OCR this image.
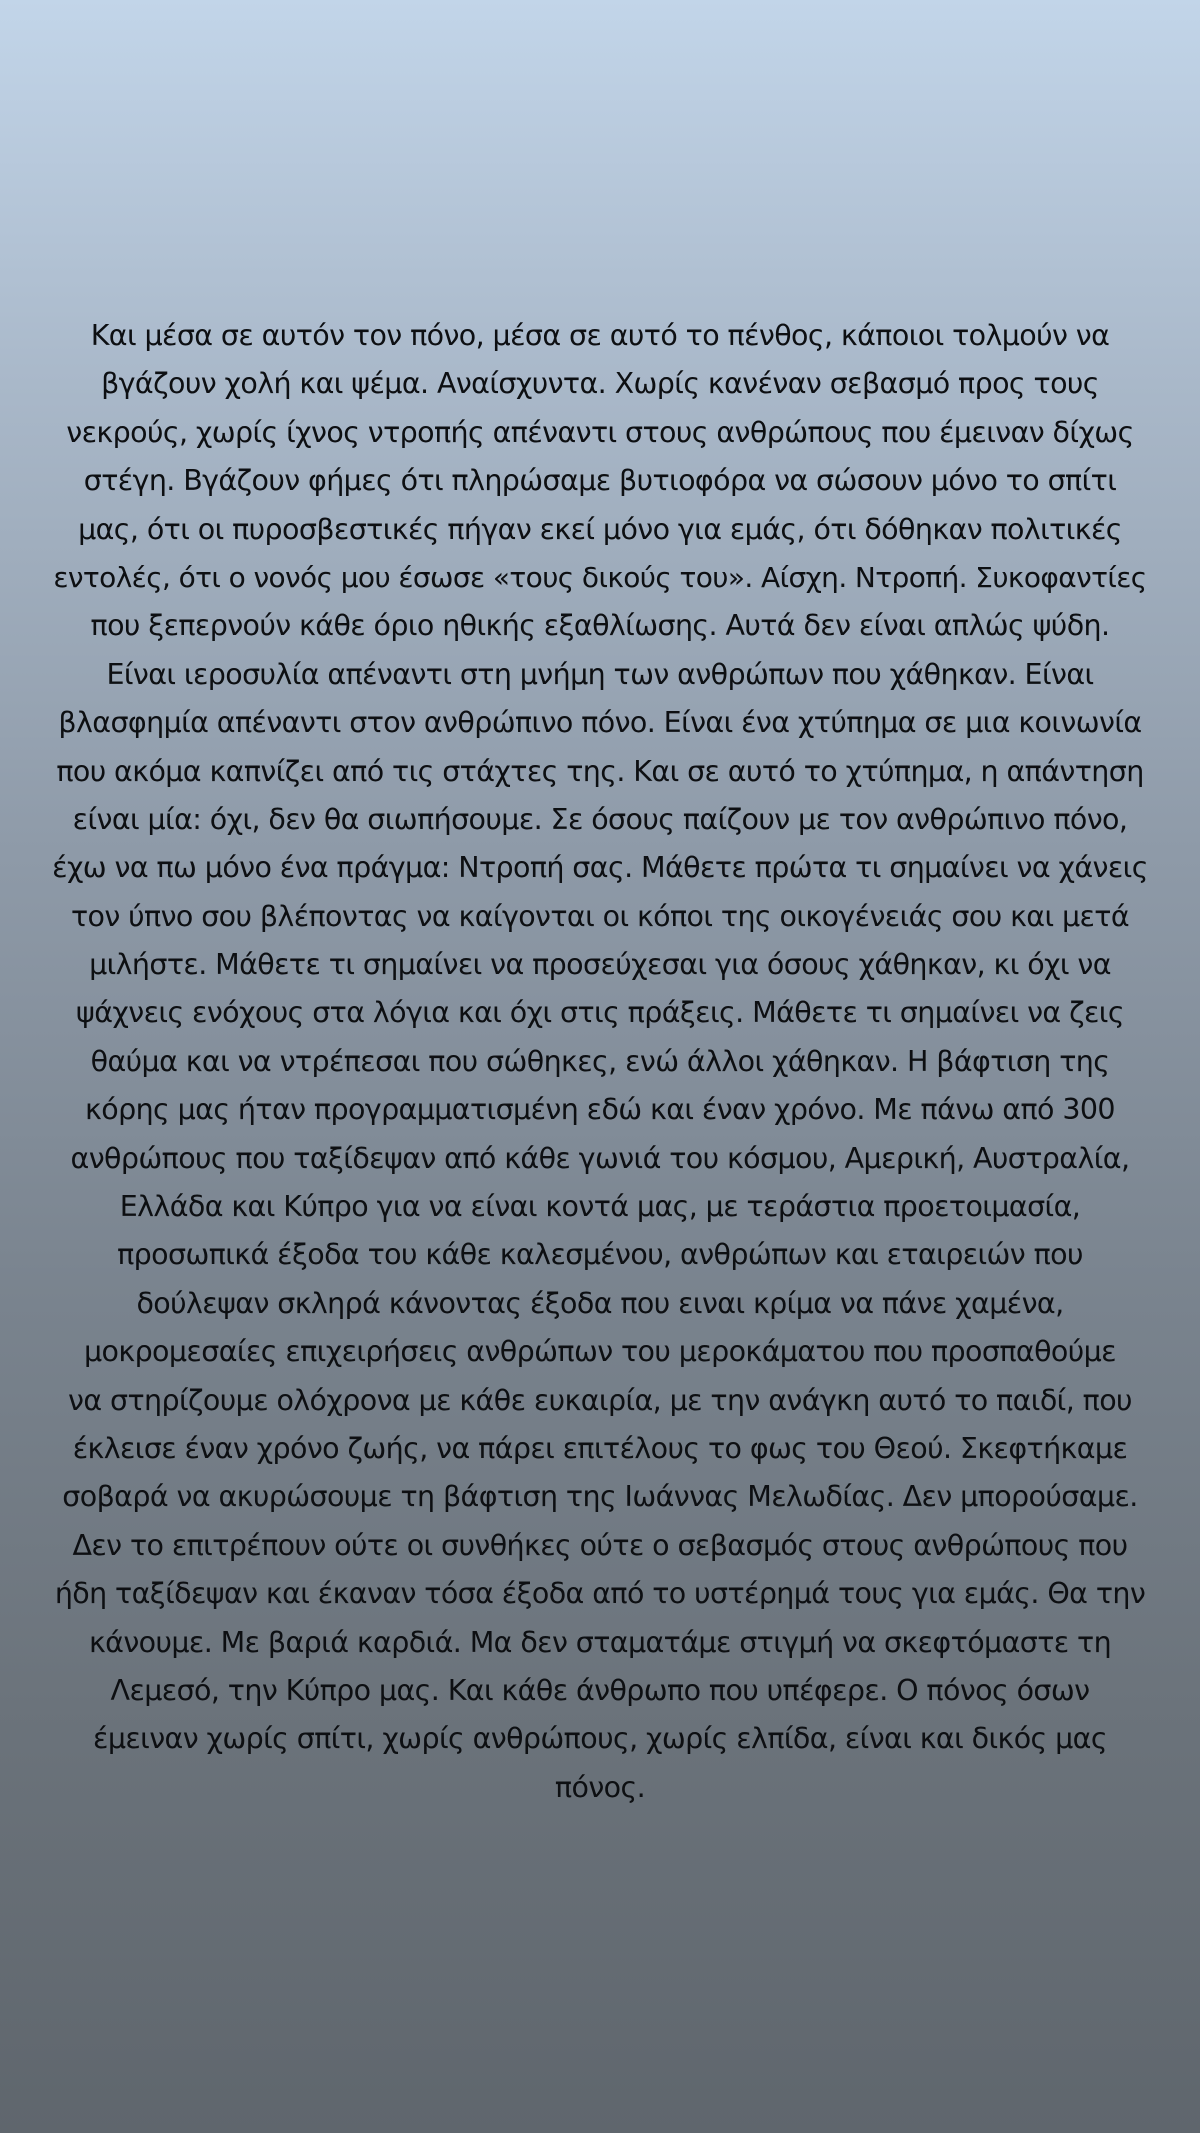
Και μέσα σε αυτόν τον πόνο, μέσα σε αυτό το πένθος, κάποιοι τολμούν να
βγάζουν χολή και ψέμα. Αναίσχυντα. Χωρίς κανέναν σεβασμό προς τους
νεκρούς, χωρίς ίχνος ντροπής απέναντι στους ανθρώπους που έμειναν δίχως
στέγη. Βγάζουν φήμες ότι πληρώσαμε βυτιοφόρα να σώσουν μόνο το σπίτι
μας, ότι οι πυροσβεστικές πήγαν εκεί μόνο για εμάς, ότι δόθηκαν πολιτικές
εντολές, ότι ο νονός μου έσωσε «τους δικούς του». Αίσχη. Ντροπή. Συκοφαντίες
που ξεπερνούν κάθε όριο ηθικής εξαθλίωσης. Αυτά δεν είναι απλώς ψύδη.
Είναι ιεροσυλία απέναντι στη μνήμη των ανθρώπων που χάθηκαν. Είναι
βλασφημία απέναντι στον ανθρώπινο πόνο. Είναι ένα χτύπημα σε μια κοινωνία
που ακόμα καπνίζει από τις στάχτες της. Και σε αυτό το χτύπημα, η απάντηση
είναι μία: όχι, δεν θα σιωπήσουμε. Σε όσους παίζουν με τον ανθρώπινο πόνο,
έχω να πω μόνο ένα πράγμα: Ντροπή σας. Μάθετε πρώτα τι σημαίνει να χάνεις
τον ύπνο σου βλέποντας να καίγονται οι κόποι της οικογένειάς σου και μετά
μιλήστε. Μάθετε τι σημαίνει να προσεύχεσαι για όσους χάθηκαν, κι όχι να
ψάχνεις ενόχους στα λόγια και όχι στις πράξεις. Μάθετε τι σημαίνει να ζεις
θαύμα και να ντρέπεσαι που σώθηκες, ενώ άλλοι χάθηκαν. Η βάφτιση της
κόρης μας ήταν προγραμματισμένη εδώ και έναν χρόνο. Με πάνω από 300
ανθρώπους που ταξίδεψαν από κάθε γωνιά του κόσμου, Αμερική, Αυστραλία,
Ελλάδα και Κύπρο για να είναι κοντά μας, με τεράστια προετοιμασία,
προσωπικά έξοδα του κάθε καλεσμένου, ανθρώπων και εταιρειών που
δούλεψαν σκληρά κάνοντας έξοδα που ειναι κρίμα να πάνε χαμένα,
μοκρομεσαίες επιχειρήσεις ανθρώπων του μεροκάματου που προσπαθούμε
να στηρίζουμε ολόχρονα με κάθε ευκαιρία, με την ανάγκη αυτό το παιδί, που
έκλεισε έναν χρόνο ζωής, να πάρει επιτέλους το φως του Θεού. Σκεφτήκαμε
σοβαρά να ακυρώσουμε τη βάφτιση της Ιωάννας Μελωδίας. Δεν μπορούσαμε.
Δεν το επιτρέπουν ούτε οι συνθήκες ούτε ο σεβασμός στους ανθρώπους που
ήδη ταξίδεψαν και έκαναν τόσα έξοδα από το υστέρημά τους για εμάς. Θα την
κάνουμε. Με βαριά καρδιά. Μα δεν σταματάμε στιγμή να σκεφτόμαστε τη
Λεμεσό, την Κύπρο μας. Και κάθε άνθρωπο που υπέφερε. Ο πόνος όσων
έμειναν χωρίς σπίτι, χωρίς ανθρώπους, χωρίς ελπίδα, είναι και δικός μας
πόνος.
